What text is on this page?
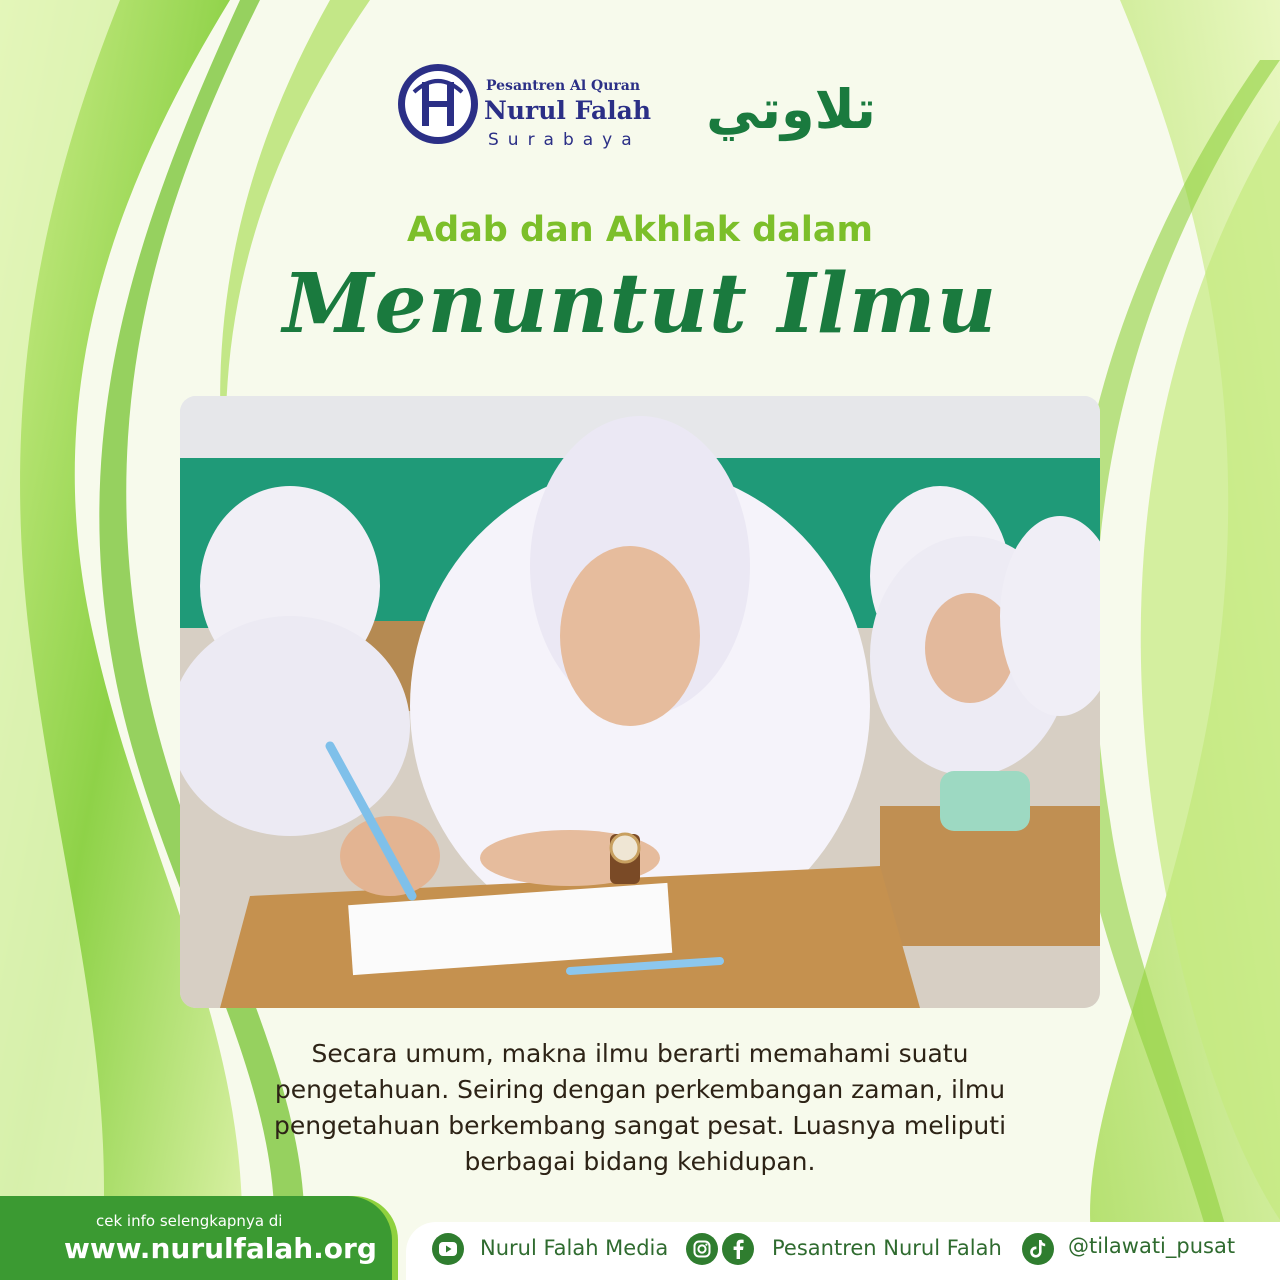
Pesantren Al Quran
Nurul Falah
Surabaya تلاوتي
Adab dan Akhlak dalam
Menuntut Ilmu
Secara umum, makna ilmu berarti memahami suatu
pengetahuan. Seiring dengan perkembangan zaman, ilmu
pengetahuan berkembang sangat pesat. Luasnya meliputi
berbagai bidang kehidupan.
cek info selengkapnya di
www.nurulfalah.org	Nurul Falah Media	Pesantren Nurul Falah	@tilawati_pusat
